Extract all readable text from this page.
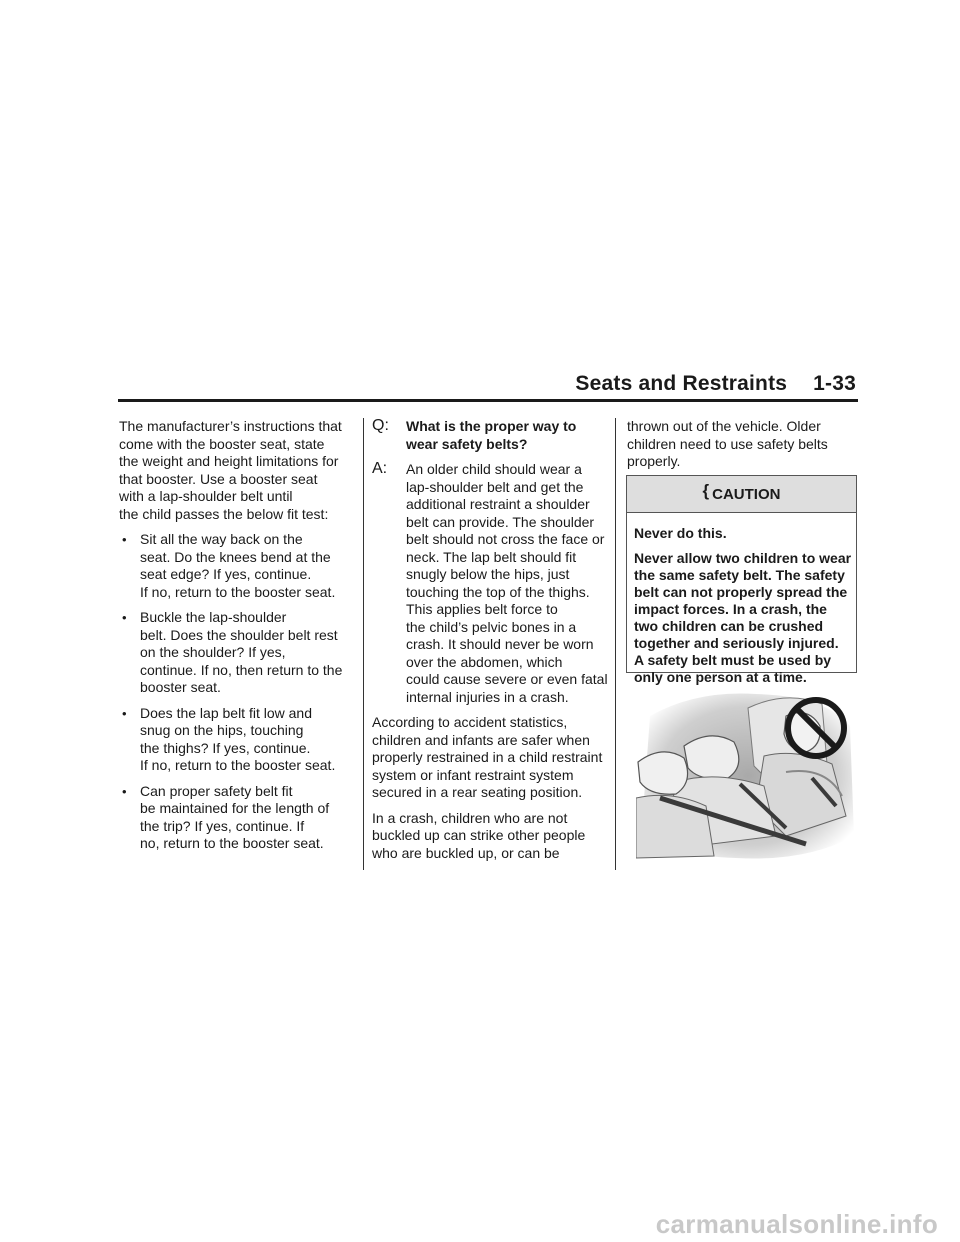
Seats and Restraints 1-33

The manufacturer’s instructions that
come with the booster seat, state
the weight and height limitations for
that booster. Use a booster seat
with a lap-shoulder belt until
the child passes the below fit test:

• Sit all the way back on the
seat. Do the knees bend at the
seat edge? If yes, continue.
If no, return to the booster seat.
• Buckle the lap-shoulder
belt. Does the shoulder belt rest
on the shoulder? If yes,
continue. If no, then return to the
booster seat.
• Does the lap belt fit low and
snug on the hips, touching
the thighs? If yes, continue.
If no, return to the booster seat.
• Can proper safety belt fit
be maintained for the length of
the trip? If yes, continue. If
no, return to the booster seat.
Q: What is the proper way to
wear safety belts?
A: An older child should wear a
lap-shoulder belt and get the
additional restraint a shoulder
belt can provide. The shoulder
belt should not cross the face or
neck. The lap belt should fit
snugly below the hips, just
touching the top of the thighs.
This applies belt force to
the child’s pelvic bones in a
crash. It should never be worn
over the abdomen, which
could cause severe or even fatal
internal injuries in a crash.

According to accident statistics,
children and infants are safer when
properly restrained in a child restraint
system or infant restraint system
secured in a rear seating position.

In a crash, children who are not
buckled up can strike other people
who are buckled up, or can be

thrown out of the vehicle. Older
children need to use safety belts
properly.

{ CAUTION

Never do this.

Never allow two children to wear
the same safety belt. The safety
belt can not properly spread the
impact forces. In a crash, the
two children can be crushed
together and seriously injured.
A safety belt must be used by
only one person at a time.

carmanualsonline.info
